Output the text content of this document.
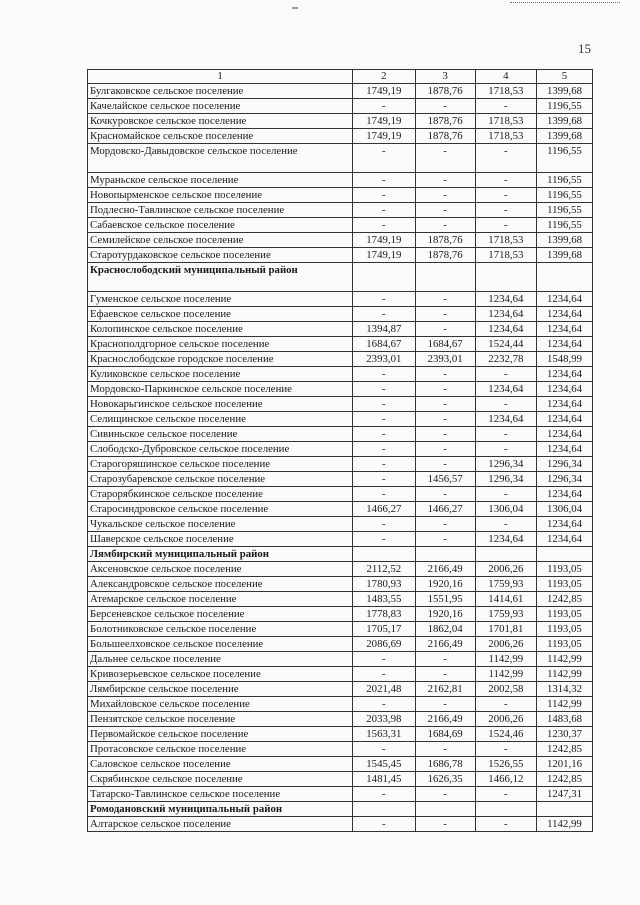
15
1	2	3	4	5
Булгаковское сельское поселение	1749,19	1878,76	1718,53	1399,68
Качелайское сельское поселение	-	-	-	1196,55
Кочкуровское сельское поселение	1749,19	1878,76	1718,53	1399,68
Красномайское сельское поселение	1749,19	1878,76	1718,53	1399,68
Мордовско-Давыдовское сельское поселение	-	-	-	1196,55
Мураньское сельское поселение	-	-	-	1196,55
Новопырменское сельское поселение	-	-	-	1196,55
Подлесно-Тавлинское сельское поселение	-	-	-	1196,55
Сабаевское сельское поселение	-	-	-	1196,55
Семилейское сельское поселение	1749,19	1878,76	1718,53	1399,68
Старотурдаковское сельское поселение	1749,19	1878,76	1718,53	1399,68
Краснослободский муниципальный район				
Гуменское сельское поселение	-	-	1234,64	1234,64
Ефаевское сельское поселение	-	-	1234,64	1234,64
Колопинское сельское поселение	1394,87	-	1234,64	1234,64
Краснополдгорное сельское поселение	1684,67	1684,67	1524,44	1234,64
Краснослободское городское поселение	2393,01	2393,01	2232,78	1548,99
Куликовское сельское поселение	-	-	-	1234,64
Мордовско-Паркинское сельское поселение	-	-	1234,64	1234,64
Новокарьгинское сельское поселение	-	-	-	1234,64
Селищинское сельское поселение	-	-	1234,64	1234,64
Сивиньское сельское поселение	-	-	-	1234,64
Слободско-Дубровское сельское поселение	-	-	-	1234,64
Старогоряшинское сельское поселение	-	-	1296,34	1296,34
Старозубаревское сельское поселение	-	1456,57	1296,34	1296,34
Старорябкинское сельское поселение	-	-	-	1234,64
Старосиндровское сельское поселение	1466,27	1466,27	1306,04	1306,04
Чукальское сельское поселение	-	-	-	1234,64
Шаверское сельское поселение	-	-	1234,64	1234,64
Лямбирский муниципальный район				
Аксеновское сельское поселение	2112,52	2166,49	2006,26	1193,05
Александровское сельское поселение	1780,93	1920,16	1759,93	1193,05
Атемарское сельское поселение	1483,55	1551,95	1414,61	1242,85
Берсеневское сельское поселение	1778,83	1920,16	1759,93	1193,05
Болотниковское сельское поселение	1705,17	1862,04	1701,81	1193,05
Большеелховское сельское поселение	2086,69	2166,49	2006,26	1193,05
Дальнее сельское поселение	-	-	1142,99	1142,99
Кривозерьевское сельское поселение	-	-	1142,99	1142,99
Лямбирское сельское поселение	2021,48	2162,81	2002,58	1314,32
Михайловское сельское поселение	-	-	-	1142,99
Пензятское сельское поселение	2033,98	2166,49	2006,26	1483,68
Первомайское сельское поселение	1563,31	1684,69	1524,46	1230,37
Протасовское сельское поселение	-	-	-	1242,85
Саловское сельское поселение	1545,45	1686,78	1526,55	1201,16
Скрябинское сельское поселение	1481,45	1626,35	1466,12	1242,85
Татарско-Тавлинское сельское поселение	-	-	-	1247,31
Ромодановский муниципальный район				
Алтарское сельское поселение	-	-	-	1142,99
